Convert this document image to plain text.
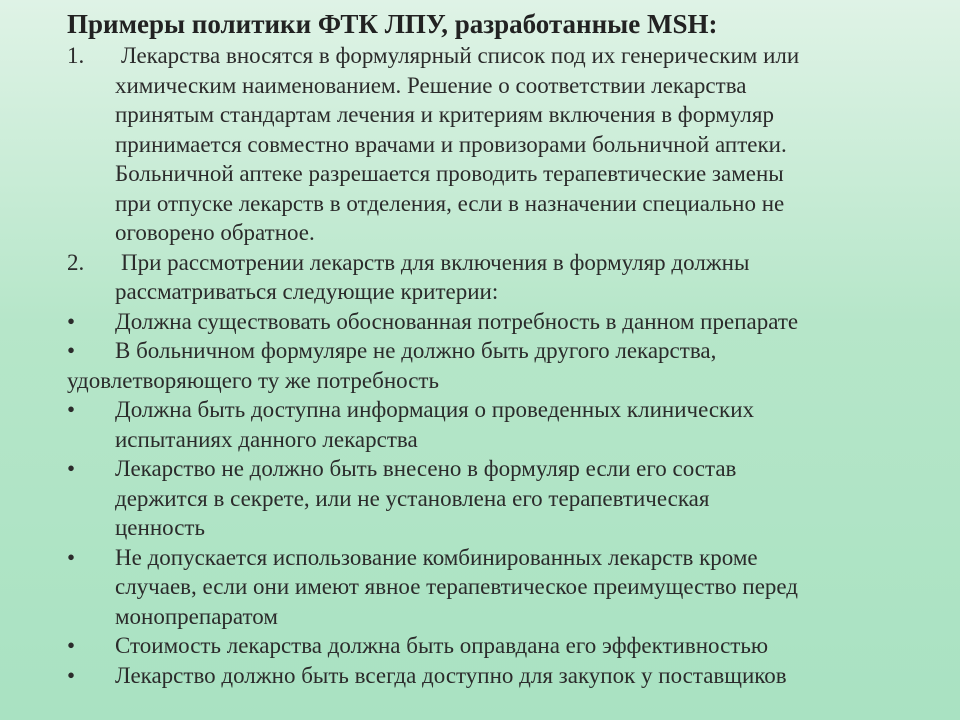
Примеры политики ФТК ЛПУ, разработанные MSH:
1.	Лекарства вносятся в формулярный список под их генерическим или
химическим наименованием. Решение о соответствии лекарства
принятым стандартам лечения и критериям включения в формуляр
принимается совместно врачами и провизорами больничной аптеки.
Больничной аптеке разрешается проводить терапевтические замены
при отпуске лекарств в отделения, если в назначении специально не
оговорено обратное.
2.	При рассмотрении лекарств для включения в формуляр должны
рассматриваться следующие критерии:
•	Должна существовать обоснованная потребность в данном препарате
•	В больничном формуляре не должно быть другого лекарства,
удовлетворяющего ту же потребность
•	Должна быть доступна информация о проведенных клинических
испытаниях данного лекарства
•	Лекарство не должно быть внесено в формуляр если его состав
держится в секрете, или не установлена его терапевтическая
ценность
•	Не допускается использование комбинированных лекарств кроме
случаев, если они имеют явное терапевтическое преимущество перед
монопрепаратом
•	Стоимость лекарства должна быть оправдана его эффективностью
•	Лекарство должно быть всегда доступно для закупок у поставщиков
